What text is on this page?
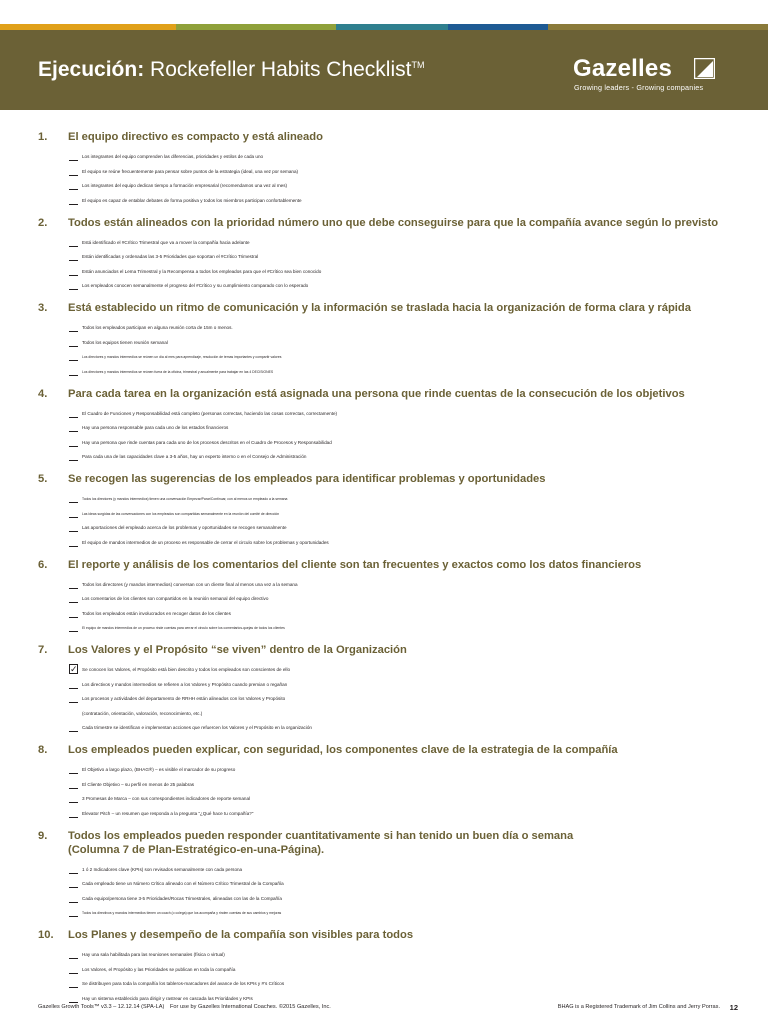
Ejecución: Rockefeller Habits Checklist™	Gazelles
Growing leaders - Growing companies
1.	El equipo directivo es compacto y está alineado
Los integrantes del equipo comprenden las diferencias, prioridades y estilos de cada uno
El equipo se reúne frecuentemente para pensar sobre puntos de la estrategia (ideal, una vez por semana)
Los integrantes del equipo dedican tiempo a formación empresarial (recomendamos una vez al mes)
El equipo es capaz de entablar debates de forma positiva y todos los miembros participan confortablemente
2.	Todos están alineados con la prioridad número uno que debe conseguirse para que la compañía avance según lo previsto
Está identificado el #Crítico Trimestral que va a mover la compañía hacia adelante
Están identificadas y ordenadas las 3-5 Prioridades que soportan el #Crítico Trimestral
Están anunciados el Lema Trimestral y la Recompensa a todos los empleados para que el #Crítico sea bien conocido
Los empleados conocen semanalmente el progreso del #Crítico y su cumplimiento comparado con lo esperado
3.	Está establecido un ritmo de comunicación y la información se traslada hacia la organización de forma clara y rápida
Todos los empleados participan en alguna reunión corta de 15m o menos.
Todos los equipos tienen reunión semanal
Los directores y mandos intermedios se reúnen un día al mes para aprendizaje, resolución de temas importantes y compartir valores
Los directores y mandos intermedios se reúnen fuera de la oficina, trimestral y anualmente para trabajar en las 4 DECISIONES
4.	Para cada tarea en la organización está asignada una persona que rinde cuentas de la consecución de los objetivos
El Cuadro de Funciones y Responsabilidad está completo (personas correctas, haciendo las cosas correctas, correctamente)
Hay una persona responsable para cada uno de los estados financieros
Hay una persona que rinde cuentas para cada uno de los procesos descritos en el Cuadro de Procesos y Responsabilidad
Para cada una de las capacidades clave a 3-5 años, hay un experto interno o en el Consejo de Administración
5.	Se recogen las sugerencias de los empleados para identificar problemas y oportunidades
Todos los directores (y mandos intermedios) tienen una conversación Empezar/Parar/Continuar, con al menos un empleado a la semana
Las ideas surgidas de las conversaciones con los empleados son compartidas semanalmente en la reunión del comité de dirección
Las aportaciones del empleado acerca de los problemas y oportunidades se recogen semanalmente
El equipo de mandos intermedios de un proceso es responsable de cerrar el circulo sobre los problemas y oportunidades
6.	El reporte y análisis de los comentarios del cliente son tan frecuentes y exactos como los datos financieros
Todos los directores (y mandos intermedios) conversan con un cliente final al menos una vez a la semana
Los comentarios de los clientes son compartidos en la reunión semanal del equipo directivo
Todos los empleados están involucrados en recoger datos de los clientes
El equipo de mandos intermedios de un proceso rinde cuentas para cerrar el circulo sobre los comentarios-quejas de todos los clientes
7.	Los Valores y el Propósito “se viven” dentro de la Organización
✓ Se conocen los Valores, el Propósito está bien descrito y todos los empleados son conscientes de ello
Los directivos y mandos intermedios se refieren a los Valores y Propósito cuando premian o regañan
Los procesos y actividades del departamento de RRHH están alineados con los Valores y Propósito
(contratación, orientación, valoración, reconocimiento, etc.)
Cada trimestre se identifican e implementan acciones que refuercen los Valores y el Propósito en la organización
8.	Los empleados pueden explicar, con seguridad, los componentes clave de la estrategia de la compañía
El Objetivo a largo plazo, (BHAG®) – es visible el marcador de su progreso
El Cliente Objetivo – su perfil en menos de 25 palabras
3 Promesas de Marca – con sus correspondientes indicadores de reporte semanal
Elevator Pitch – un resumen que responda a la pregunta “¿Qué hace tu compañía?”
9.	Todos los empleados pueden responder cuantitativamente si han tenido un buen día o semana
(Columna 7 de Plan-Estratégico-en-una-Página).
1 ó 2 Indicadores clave (KPIs) son revisados semanalmente con cada persona
Cada empleado tiene un Número Crítico alineado con el Número Crítico Trimestral de la Compañía
Cada equipo/persona tiene 3-5 Prioridades/Rocas Trimestrales, alineadas con las de la Compañía
Todos los directivos y mandos intermedios tienen un coach (o colega) que los acompaña y rinden cuentas de sus cambios y mejoras
10.	Los Planes y desempeño de la compañía son visibles para todos
Hay una sala habilitada para las reuniones semanales (física o virtual)
Los Valores, el Propósito y las Prioridades se publican en toda la compañía
Se distribuyen para toda la compañía los tableros-marcadores del avance de los KPIs y #’s Críticos
Hay un sistema establecido para dirigir y rastrear en cascada las Prioridades y KPIs
Gazelles Growth Tools™ v3.3 – 12.12.14 (SPA-LA) For use by Gazelles International Coaches. ©2015 Gazelles, Inc.	BHAG is a Registered Trademark of Jim Collins and Jerry Porras. 12
